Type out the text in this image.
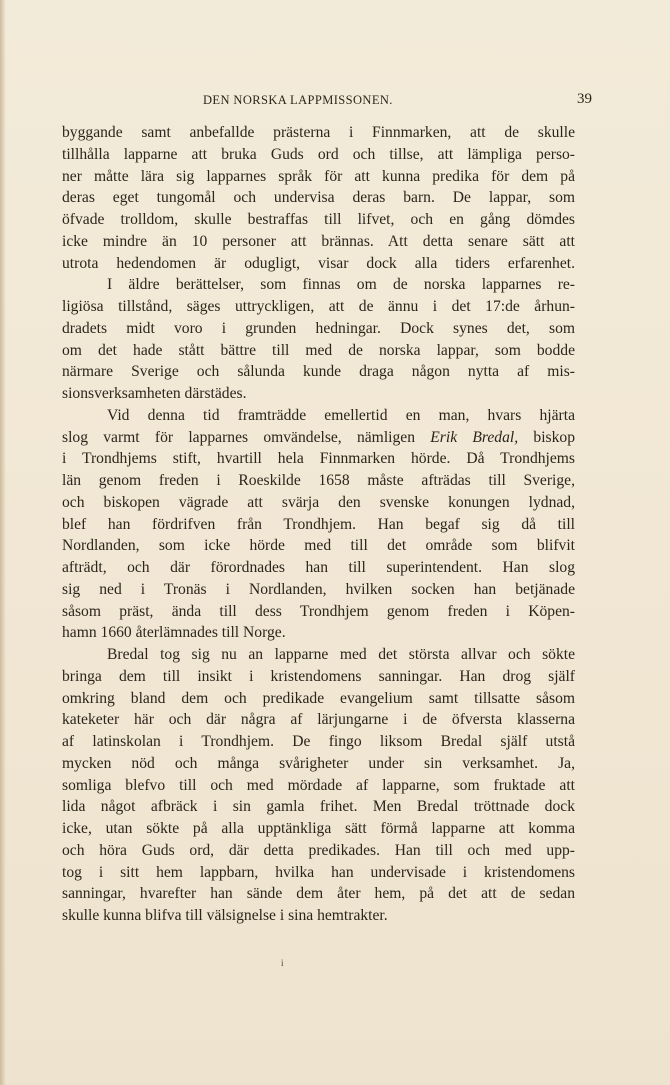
DEN NORSKA LAPPMISSONEN.	39
byggande samt anbefallde prästerna i Finnmarken, att de skulle
tillhålla lapparne att bruka Guds ord och tillse, att lämpliga perso-
ner måtte lära sig lapparnes språk för att kunna predika för dem på
deras eget tungomål och undervisa deras barn. De lappar, som
öfvade trolldom, skulle bestraffas till lifvet, och en gång dömdes
icke mindre än 10 personer att brännas. Att detta senare sätt att
utrota hedendomen är odugligt, visar dock alla tiders erfarenhet.
I äldre berättelser, som finnas om de norska lapparnes re-
ligiösa tillstånd, säges uttryckligen, att de ännu i det 17:de århun-
dradets midt voro i grunden hedningar. Dock synes det, som
om det hade stått bättre till med de norska lappar, som bodde
närmare Sverige och sålunda kunde draga någon nytta af mis-
sionsverksamheten därstädes.
Vid denna tid framträdde emellertid en man, hvars hjärta
slog varmt för lapparnes omvändelse, nämligen Erik Bredal, biskop
i Trondhjems stift, hvartill hela Finnmarken hörde. Då Trondhjems
län genom freden i Roeskilde 1658 måste afträdas till Sverige,
och biskopen vägrade att svärja den svenske konungen lydnad,
blef han fördrifven från Trondhjem. Han begaf sig då till
Nordlanden, som icke hörde med till det område som blifvit
afträdt, och där förordnades han till superintendent. Han slog
sig ned i Tronäs i Nordlanden, hvilken socken han betjänade
såsom präst, ända till dess Trondhjem genom freden i Köpen-
hamn 1660 återlämnades till Norge.
Bredal tog sig nu an lapparne med det största allvar och sökte
bringa dem till insikt i kristendomens sanningar. Han drog själf
omkring bland dem och predikade evangelium samt tillsatte såsom
kateketer här och där några af lärjungarne i de öfversta klasserna
af latinskolan i Trondhjem. De fingo liksom Bredal själf utstå
mycken nöd och många svårigheter under sin verksamhet. Ja,
somliga blefvo till och med mördade af lapparne, som fruktade att
lida något afbräck i sin gamla frihet. Men Bredal tröttnade dock
icke, utan sökte på alla upptänkliga sätt förmå lapparne att komma
och höra Guds ord, där detta predikades. Han till och med upp-
tog i sitt hem lappbarn, hvilka han undervisade i kristendomens
sanningar, hvarefter han sände dem åter hem, på det att de sedan
skulle kunna blifva till välsignelse i sina hemtrakter.
i
